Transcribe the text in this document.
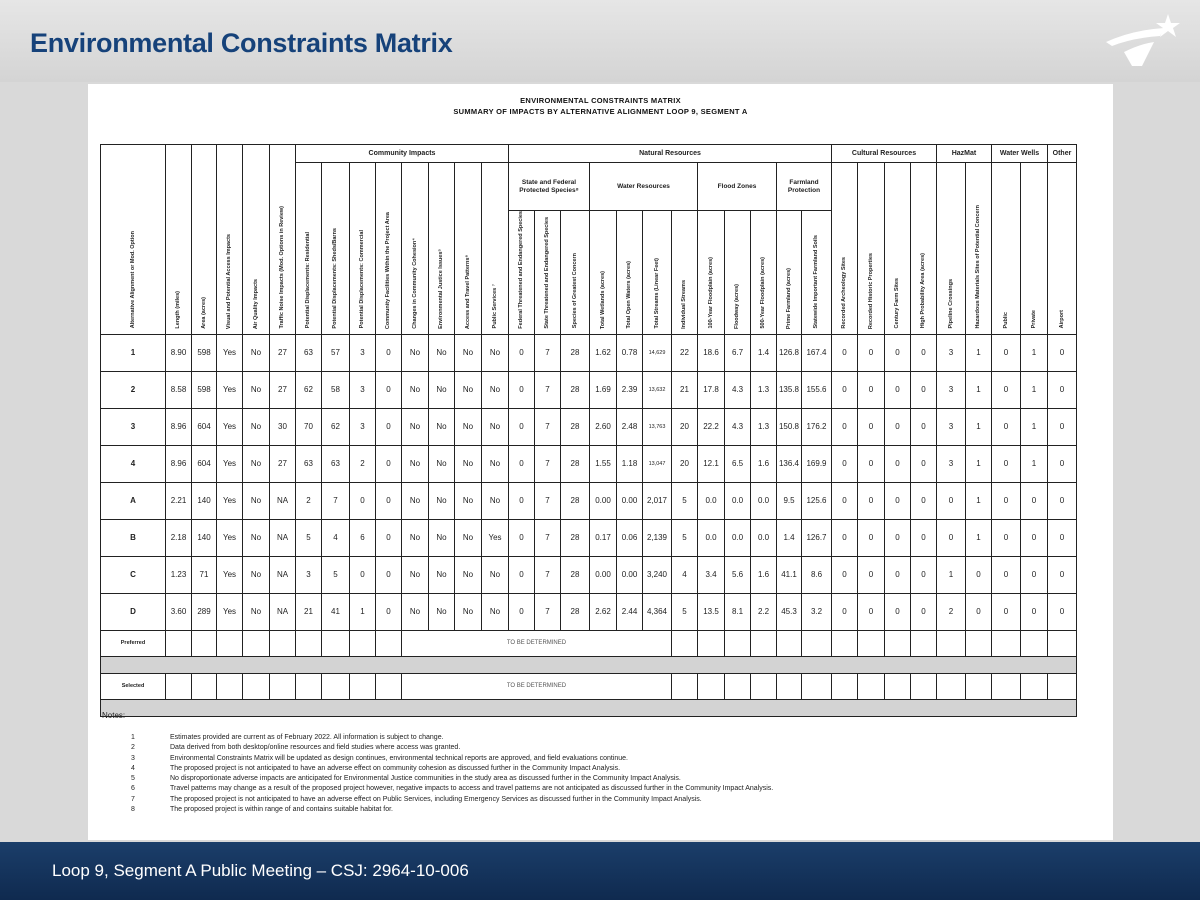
Environmental Constraints Matrix
ENVIRONMENTAL CONSTRAINTS MATRIX
SUMMARY OF IMPACTS BY ALTERNATIVE ALIGNMENT LOOP 9, SEGMENT A
Alternative Alignment or Mod. Option	Length (miles)	Area (acres)	Visual and Potential Access Impacts	Air Quality Impacts	Traffic Noise Impacts (Mod. Options in Review)	Community Impacts								Natural Resources												Cultural Resources				HazMat		Water Wells		Other
						Potential Displacements: Residential	Potential Displacements: Sheds/Barns	Potential Displacements: Commercial	Community Facilities Within the Project Area	Changes in Community Cohesion⁴	Environmental Justice Issues⁵	Access and Travel Patterns⁶	Public Services ⁷	State and Federal Protected Species⁸			Water Resources				Flood Zones			Farmland Protection		Recorded Archeology Sites	Recorded Historic Properties	Century Farm Sites	High Probability Area (acres)	Pipeline Crossings	Hazardous Materials Sites of Potential Concern	Public	Private	Airport
														Federal Threatened and Endangered Species	State Threatened and Endangered Species	Species of Greatest Concern	Total Wetlands (acres)	Total Open Waters (acres)	Total Streams (Linear Feet)	Individual Streams	100-Year Floodplain (acres)	Floodway (acres)	500-Year Floodplain (acres)	Prime Farmland (acres)	Statewide Important Farmland Soils									
1	8.90	598	Yes	No	27	63	57	3	0	No	No	No	No	0	7	28	1.62	0.78	14,629	22	18.6	6.7	1.4	126.8	167.4	0	0	0	0	3	1	0	1	0
2	8.58	598	Yes	No	27	62	58	3	0	No	No	No	No	0	7	28	1.69	2.39	13,632	21	17.8	4.3	1.3	135.8	155.6	0	0	0	0	3	1	0	1	0
3	8.96	604	Yes	No	30	70	62	3	0	No	No	No	No	0	7	28	2.60	2.48	13,763	20	22.2	4.3	1.3	150.8	176.2	0	0	0	0	3	1	0	1	0
4	8.96	604	Yes	No	27	63	63	2	0	No	No	No	No	0	7	28	1.55	1.18	13,047	20	12.1	6.5	1.6	136.4	169.9	0	0	0	0	3	1	0	1	0
A	2.21	140	Yes	No	NA	2	7	0	0	No	No	No	No	0	7	28	0.00	0.00	2,017	5	0.0	0.0	0.0	9.5	125.6	0	0	0	0	0	1	0	0	0
B	2.18	140	Yes	No	NA	5	4	6	0	No	No	No	Yes	0	7	28	0.17	0.06	2,139	5	0.0	0.0	0.0	1.4	126.7	0	0	0	0	0	1	0	0	0
C	1.23	71	Yes	No	NA	3	5	0	0	No	No	No	No	0	7	28	0.00	0.00	3,240	4	3.4	5.6	1.6	41.1	8.6	0	0	0	0	1	0	0	0	0
D	3.60	289	Yes	No	NA	21	41	1	0	No	No	No	No	0	7	28	2.62	2.44	4,364	5	13.5	8.1	2.2	45.3	3.2	0	0	0	0	2	0	0	0	0
Preferred										TO BE DETERMINED																								

Selected										TO BE DETERMINED																								

Notes:
1	Estimates provided are current as of February 2022. All information is subject to change.
2	Data derived from both desktop/online resources and field studies where access was granted.
3	Environmental Constraints Matrix will be updated as design continues, environmental technical reports are approved, and field evaluations continue.
4	The proposed project is not anticipated to have an adverse effect on community cohesion as discussed further in the Community Impact Analysis.
5	No disproportionate adverse impacts are anticipated for Environmental Justice communities in the study area as discussed further in the Community Impact Analysis.
6	Travel patterns may change as a result of the proposed project however, negative impacts to access and travel patterns are not anticipated as discussed further in the Community Impact Analysis.
7	The proposed project is not anticipated to have an adverse effect on Public Services, including Emergency Services as discussed further in the Community Impact Analysis.
8	The proposed project is within range of and contains suitable habitat for.
Loop 9, Segment A Public Meeting – CSJ: 2964-10-006
